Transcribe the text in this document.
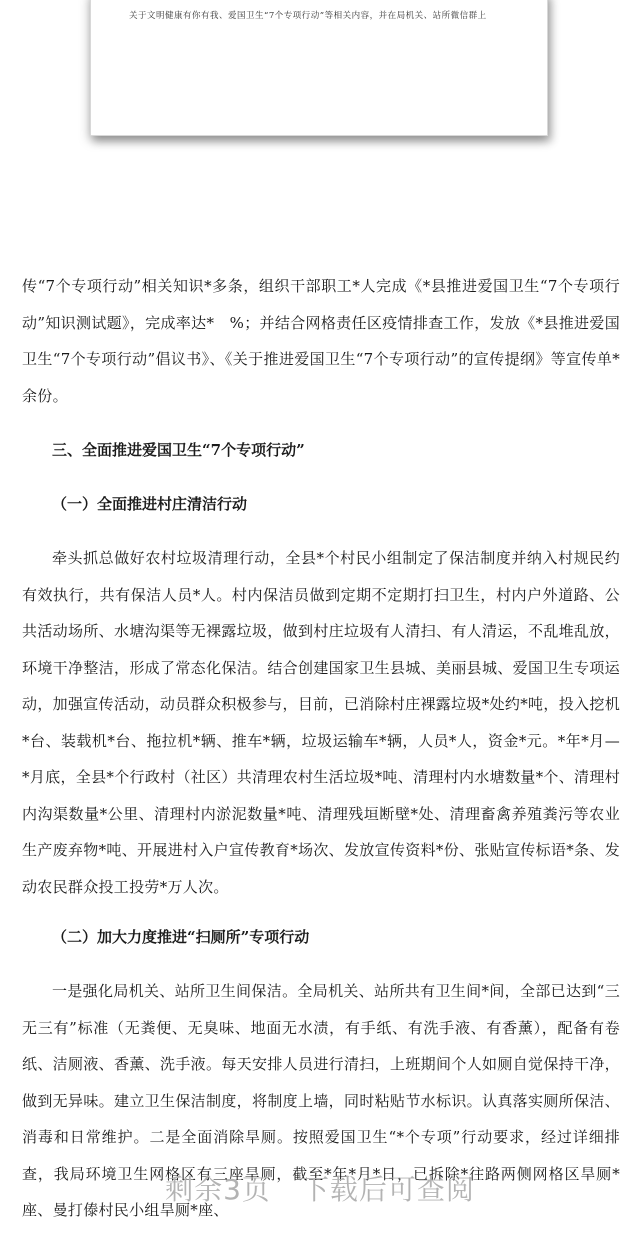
关于文明健康有你有我、爱国卫生“7个专项行动”等相关内容，并在局机关、站所微信群上

传“7个专项行动”相关知识*多条，组织干部职工*人完成《*县推进爱国卫生“7个专项行动”知识测试题》，完成率达*　%；并结合网格责任区疫情排查工作，发放《*县推进爱国卫生“7个专项行动”倡议书》、《关于推进爱国卫生“7个专项行动”的宣传提纲》等宣传单*余份。

三、全面推进爱国卫生“7个专项行动”
（一）全面推进村庄清洁行动

牵头抓总做好农村垃圾清理行动，全县*个村民小组制定了保洁制度并纳入村规民约有效执行，共有保洁人员*人。村内保洁员做到定期不定期打扫卫生，村内户外道路、公共活动场所、水塘沟渠等无裸露垃圾，做到村庄垃圾有人清扫、有人清运，不乱堆乱放，环境干净整洁，形成了常态化保洁。结合创建国家卫生县城、美丽县城、爱国卫生专项运动，加强宣传活动，动员群众积极参与，目前，已消除村庄裸露垃圾*处约*吨，投入挖机*台、装载机*台、拖拉机*辆、推车*辆，垃圾运输车*辆，人员*人，资金*元。*年*月—*月底，全县*个行政村（社区）共清理农村生活垃圾*吨、清理村内水塘数量*个、清理村内沟渠数量*公里、清理村内淤泥数量*吨、清理残垣断壁*处、清理畜禽养殖粪污等农业生产废弃物*吨、开展进村入户宣传教育*场次、发放宣传资料*份、张贴宣传标语*条、发动农民群众投工投劳*万人次。

（二）加大力度推进“扫厕所”专项行动

一是强化局机关、站所卫生间保洁。全局机关、站所共有卫生间*间，全部已达到“三无三有”标准（无粪便、无臭味、地面无水渍，有手纸、有洗手液、有香薰），配备有卷纸、洁厕液、香薰、洗手液。每天安排人员进行清扫，上班期间个人如厕自觉保持干净，做到无异味。建立卫生保洁制度，将制度上墙，同时粘贴节水标识。认真落实厕所保洁、消毒和日常维护。二是全面消除旱厕。按照爱国卫生“*个专项”行动要求，经过详细排查，我局环境卫生网格区有三座旱厕，截至*年*月*日，已拆除*往路两侧网格区旱厕*座、曼打傣村民小组旱厕*座、

剩余3页 下载后可查阅
